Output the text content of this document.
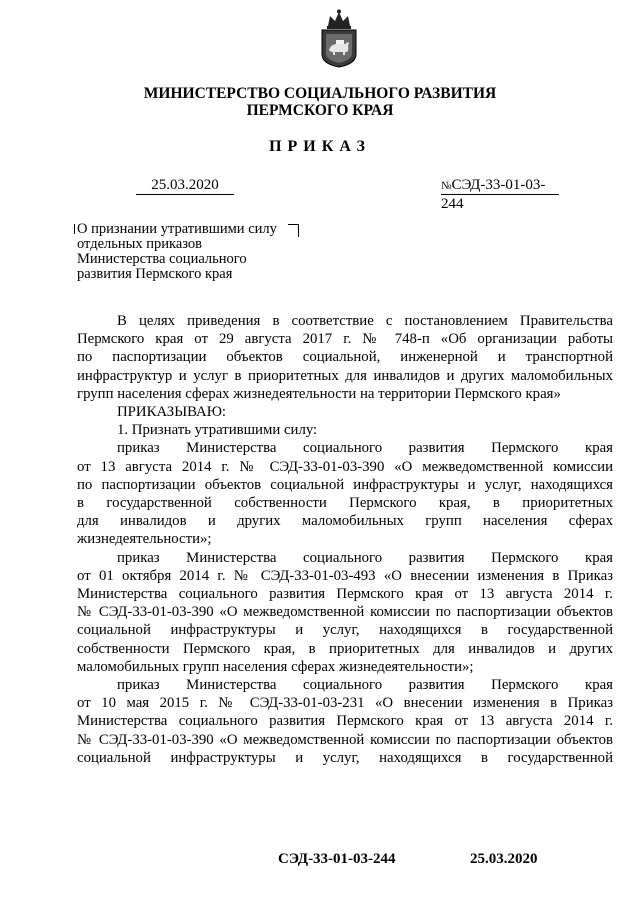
МИНИСТЕРСТВО СОЦИАЛЬНОГО РАЗВИТИЯ
ПЕРМСКОГО КРАЯ
ПРИКАЗ
25.03.2020	№СЭД-33-01-03-244
О признании утратившими силу
отдельных приказов
Министерства социального
развития Пермского края
В целях приведения в соответствие с постановлением Правительства
Пермского края от 29 августа 2017 г. № 748-п «Об организации работы
по паспортизации объектов социальной, инженерной и транспортной
инфраструктур и услуг в приоритетных для инвалидов и других маломобильных
групп населения сферах жизнедеятельности на территории Пермского края»
ПРИКАЗЫВАЮ:
1. Признать утратившими силу:
приказ Министерства социального развития Пермского края
от 13 августа 2014 г. № СЭД-33-01-03-390 «О межведомственной комиссии
по паспортизации объектов социальной инфраструктуры и услуг, находящихся
в государственной собственности Пермского края, в приоритетных
для инвалидов и других маломобильных групп населения сферах
жизнедеятельности»;
приказ Министерства социального развития Пермского края
от 01 октября 2014 г. № СЭД-33-01-03-493 «О внесении изменения в Приказ
Министерства социального развития Пермского края от 13 августа 2014 г.
№ СЭД-33-01-03-390 «О межведомственной комиссии по паспортизации объектов
социальной инфраструктуры и услуг, находящихся в государственной
собственности Пермского края, в приоритетных для инвалидов и других
маломобильных групп населения сферах жизнедеятельности»;
приказ Министерства социального развития Пермского края
от 10 мая 2015 г. № СЭД-33-01-03-231 «О внесении изменения в Приказ
Министерства социального развития Пермского края от 13 августа 2014 г.
№ СЭД-33-01-03-390 «О межведомственной комиссии по паспортизации объектов
социальной инфраструктуры и услуг, находящихся в государственной
СЭД-33-01-03-244	25.03.2020
